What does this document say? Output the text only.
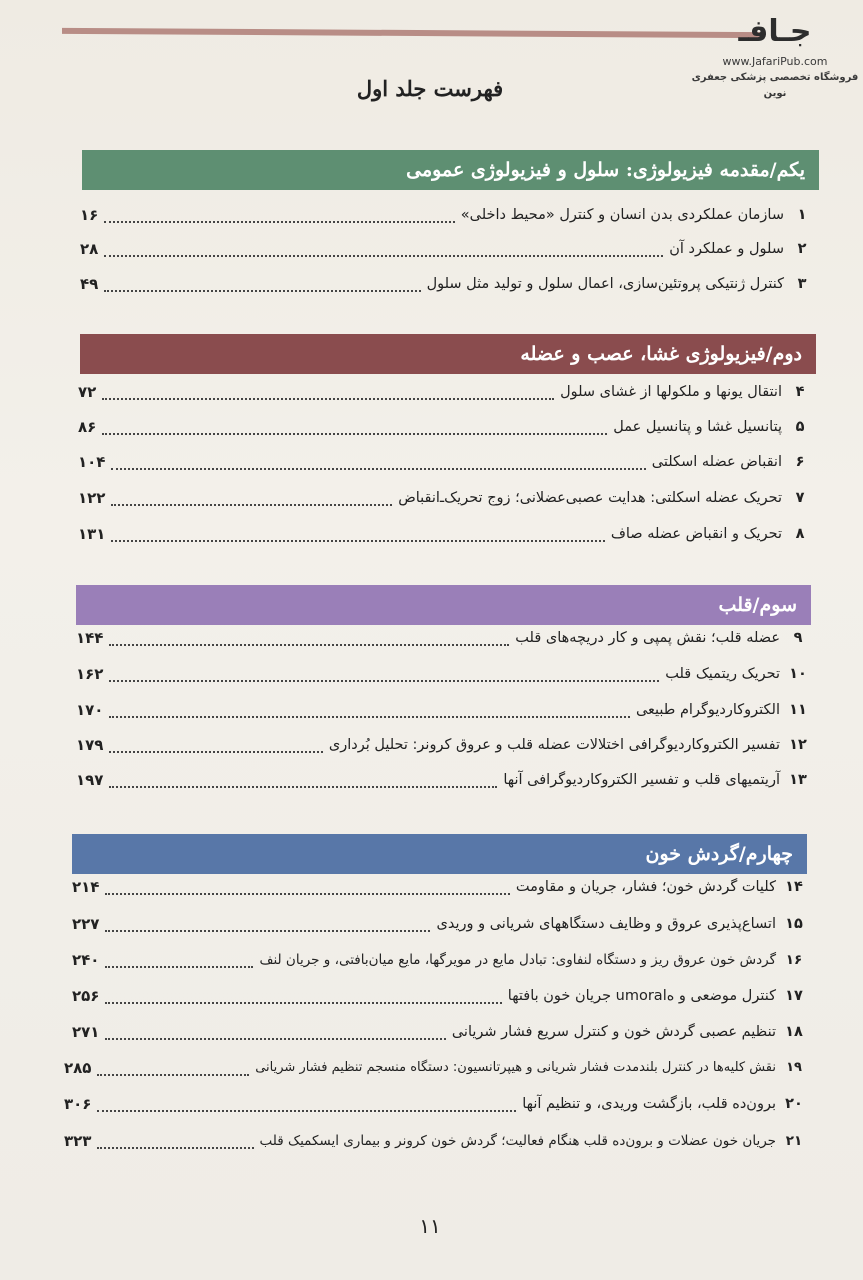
جـافـ
www.JafariPub.com
فروشگاه تخصصی پزشکی جعفری نوین
فهرست جلد اول
یکم/مقدمه فیزیولوژی: سلول و فیزیولوژی عمومی
۱
سازمان عملکردی بدن انسان و کنترل «محیط داخلی»
۱۶
۲
سلول و عملکرد آن
۲۸
۳
کنترل ژنتیکی پروتئین‌سازی، اعمال سلول و تولید مثل سلول
۴۹
دوم/فیزیولوژی غشا، عصب و عضله
۴
انتقال یونها و ملکولها از غشای سلول
۷۲
۵
پتانسیل غشا و پتانسیل عمل
۸۶
۶
انقباض عضله اسکلتی
۱۰۴
۷
تحریک عضله اسکلتی: هدایت عصبی‌عضلانی؛ زوج تحریک‌ـ‌انقباض
۱۲۲
۸
تحریک و انقباض عضله صاف
۱۳۱
سوم/قلب
۹
عضله قلب؛ نقش پمپی و کار دریچه‌های قلب
۱۴۴
۱۰
تحریک ریتمیک قلب
۱۶۲
۱۱
الکتروکاردیوگرام طبیعی
۱۷۰
۱۲
تفسیر الکتروکاردیوگرافی اختلالات عضله قلب و عروق کرونر: تحلیل بُرداری
۱۷۹
۱۳
آریتمیهای قلب و تفسیر الکتروکاردیوگرافی آنها
۱۹۷
چهارم/گردش خون
۱۴
کلیات گردش خون؛ فشار، جریان و مقاومت
۲۱۴
۱۵
اتساع‌پذیری عروق و وظایف دستگاههای شریانی و وریدی
۲۲۷
۱۶
گردش خون عروق ریز و دستگاه لنفاوی: تبادل مایع در مویرگها، مایع میان‌بافتی، و جریان لنف
۲۴۰
۱۷
کنترل موضعی و هumoral جریان خون بافتها
۲۵۶
۱۸
تنظیم عصبی گردش خون و کنترل سریع فشار شریانی
۲۷۱
۱۹
نقش کلیه‌ها در کنترل بلندمدت فشار شریانی و هیپرتانسیون: دستگاه منسجم تنظیم فشار شریانی
۲۸۵
۲۰
برون‌ده قلب، بازگشت وریدی، و تنظیم آنها
۳۰۶
۲۱
جریان خون عضلات و برون‌ده قلب هنگام فعالیت؛ گردش خون کرونر و بیماری ایسکمیک قلب
۳۲۳
۱۱
